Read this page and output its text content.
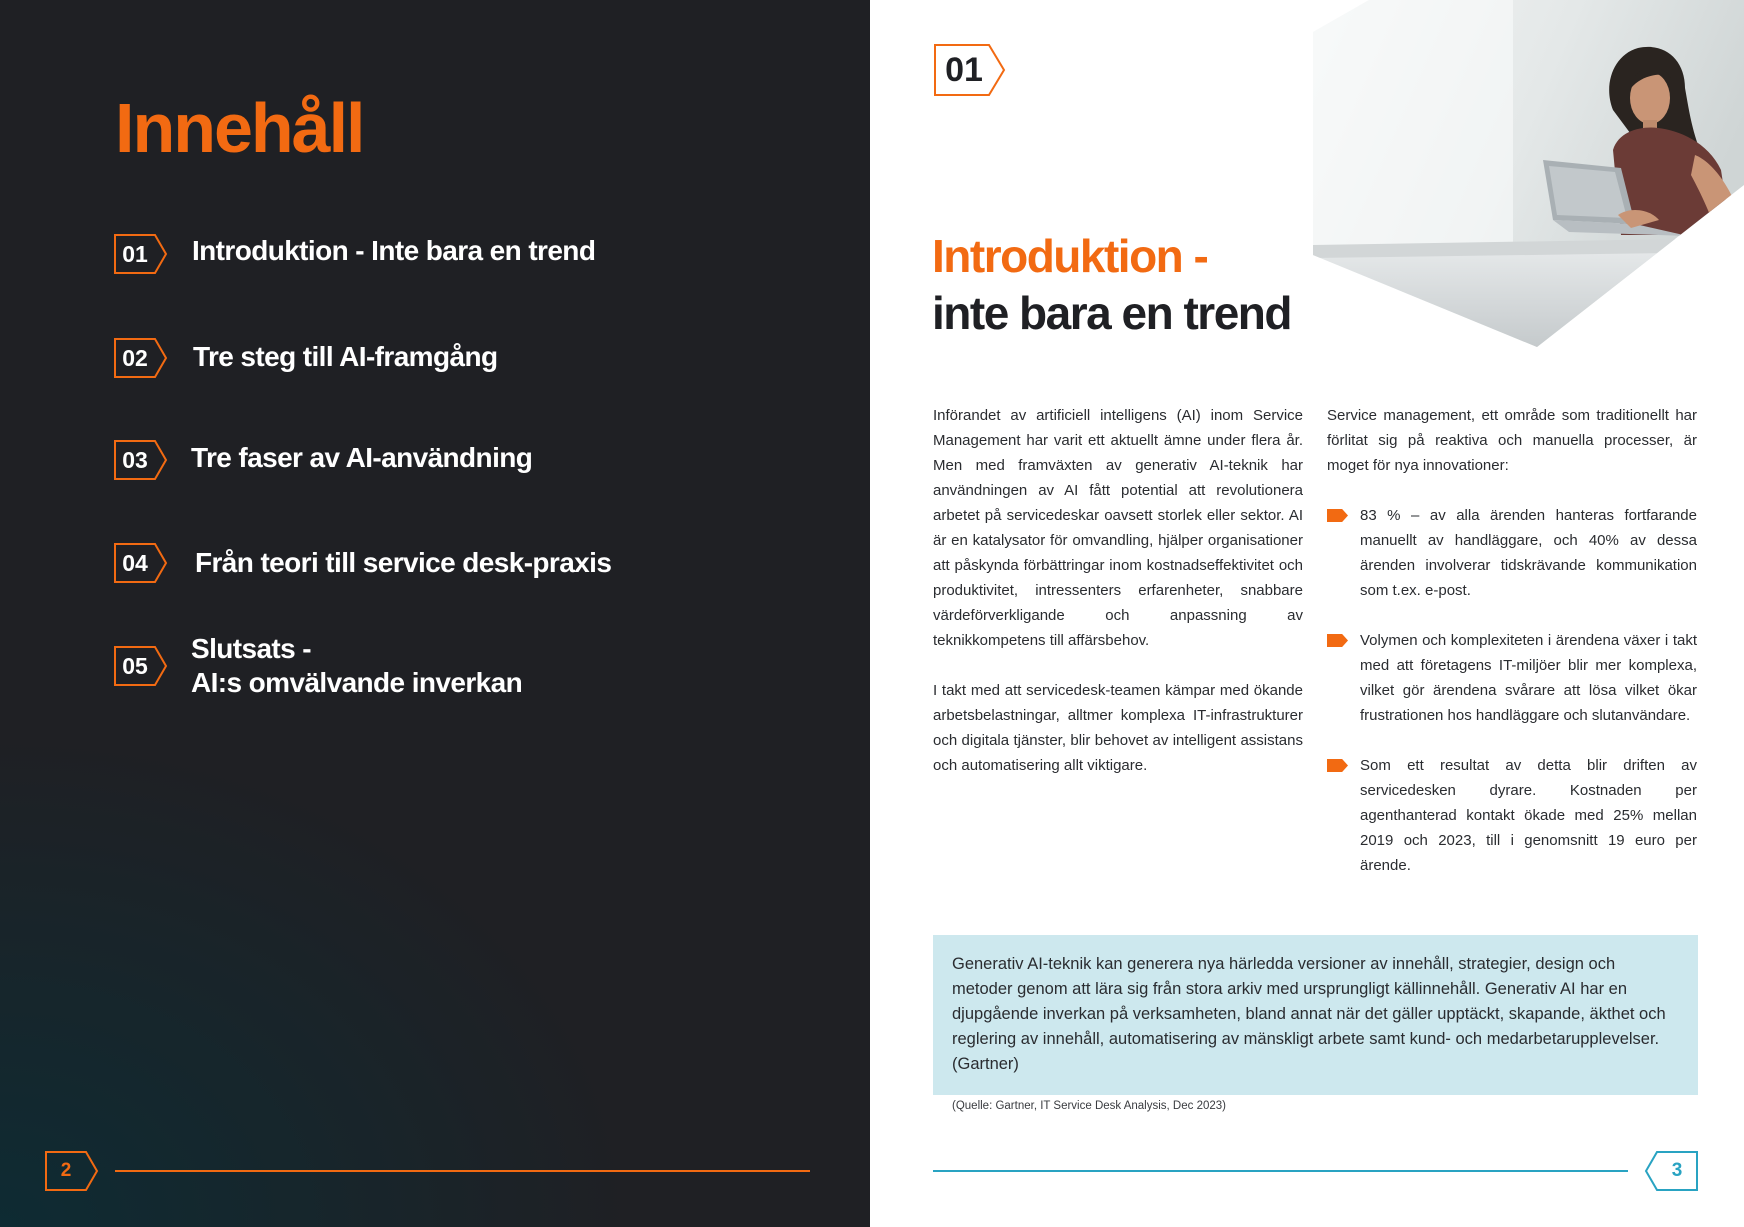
Innehåll
01 Introduktion - Inte bara en trend
02 Tre steg till AI-framgång
03 Tre faser av AI-användning
04 Från teori till service desk-praxis
05
Slutsats -
AI:s omvälvande inverkan
2
01
Introduktion -
inte bara en trend

Införandet av artificiell intelligens (AI) inom Service Management har varit ett aktuellt ämne under flera år. Men med framväxten av generativ AI-teknik har användningen av AI fått potential att revolutionera arbetet på servicedeskar oavsett storlek eller sektor. AI är en katalysator för omvandling, hjälper organisationer att påskynda förbättringar inom kostnadseffektivitet och produktivitet, intressenters erfarenheter, snabbare värdeförverkligande och anpassning av teknikkompetens till affärsbehov.

I takt med att servicedesk-teamen kämpar med ökande arbetsbelastningar, alltmer komplexa IT-infrastrukturer och digitala tjänster, blir behovet av intelligent assistans och automatisering allt viktigare.

Service management, ett område som traditionellt har förlitat sig på reaktiva och manuella processer, är moget för nya innovationer:

83 % – av alla ärenden hanteras fortfarande manuellt av handläggare, och 40% av dessa ärenden involverar tidskrävande kommunikation som t.ex. e-post.
Volymen och komplexiteten i ärendena växer i takt med att företagens IT-miljöer blir mer komplexa, vilket gör ärendena svårare att lösa vilket ökar frustrationen hos handläggare och slutanvändare.
Som ett resultat av detta blir driften av servicedesken dyrare. Kostnaden per agenthanterad kontakt ökade med 25% mellan 2019 och 2023, till i genomsnitt 19 euro per ärende.

Generativ AI-teknik kan generera nya härledda versioner av innehåll, strategier, design och metoder genom att lära sig från stora arkiv med ursprungligt källinnehåll. Generativ AI har en djupgående inverkan på verksamheten, bland annat när det gäller upptäckt, skapande, äkthet och reglering av innehåll, automatisering av mänskligt arbete samt kund- och medarbetarupplevelser. (Gartner)

(Quelle: Gartner, IT Service Desk Analysis, Dec 2023)
3
